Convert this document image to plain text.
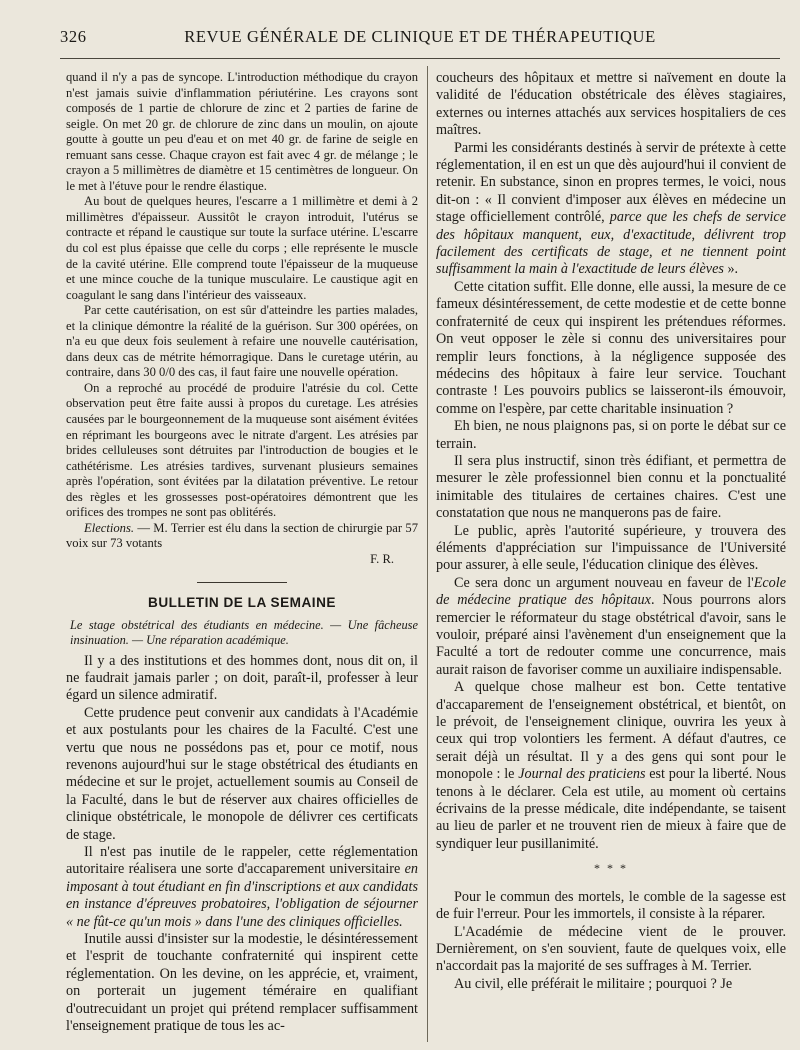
326	REVUE GÉNÉRALE DE CLINIQUE ET DE THÉRAPEUTIQUE

quand il n'y a pas de syncope. L'introduction méthodique du crayon n'est jamais suivie d'inflammation périutérine. Les crayons sont composés de 1 partie de chlorure de zinc et 2 parties de farine de seigle. On met 20 gr. de chlorure de zinc dans un moulin, on ajoute goutte à goutte un peu d'eau et on met 40 gr. de farine de seigle en remuant sans cesse. Chaque crayon est fait avec 4 gr. de mélange ; le crayon a 5 millimètres de diamètre et 15 centimètres de longueur. On le met à l'étuve pour le rendre élastique.

Au bout de quelques heures, l'escarre a 1 millimètre et demi à 2 millimètres d'épaisseur. Aussitôt le crayon introduit, l'utérus se contracte et répand le caustique sur toute la surface utérine. L'escarre du col est plus épaisse que celle du corps ; elle représente le muscle de la cavité utérine. Elle comprend toute l'épaisseur de la muqueuse et une mince couche de la tunique musculaire. Le caustique agit en coagulant le sang dans l'intérieur des vaisseaux.

Par cette cautérisation, on est sûr d'atteindre les parties malades, et la clinique démontre la réalité de la guérison. Sur 300 opérées, on n'a eu que deux fois seulement à refaire une nouvelle cautérisation, dans deux cas de métrite hémorragique. Dans le curetage utérin, au contraire, dans 30 0/0 des cas, il faut faire une nouvelle opération.

On a reproché au procédé de produire l'atrésie du col. Cette observation peut être faite aussi à propos du curetage. Les atrésies causées par le bourgeonnement de la muqueuse sont aisément évitées en réprimant les bourgeons avec le nitrate d'argent. Les atrésies par brides celluleuses sont détruites par l'introduction de bougies et le cathétérisme. Les atrésies tardives, survenant plusieurs semaines après l'opération, sont évitées par la dilatation préventive. Le retour des règles et les grossesses post-opératoires démontrent que les orifices des trompes ne sont pas oblitérés.

Elections. — M. Terrier est élu dans la section de chirurgie par 57 voix sur 73 votants

F. R.

BULLETIN DE LA SEMAINE
Le stage obstétrical des étudiants en médecine. — Une fâcheuse insinuation. — Une réparation académique.

Il y a des institutions et des hommes dont, nous dit on, il ne faudrait jamais parler ; on doit, paraît-il, professer à leur égard un silence admiratif.

Cette prudence peut convenir aux candidats à l'Académie et aux postulants pour les chaires de la Faculté. C'est une vertu que nous ne possédons pas et, pour ce motif, nous revenons aujourd'hui sur le stage obstétrical des étudiants en médecine et sur le projet, actuellement soumis au Conseil de la Faculté, dans le but de réserver aux chaires officielles de clinique obstétricale, le monopole de délivrer ces certificats de stage.

Il n'est pas inutile de le rappeler, cette réglementation autoritaire réalisera une sorte d'accaparement universitaire en imposant à tout étudiant en fin d'inscriptions et aux candidats en instance d'épreuves probatoires, l'obligation de séjourner « ne fût-ce qu'un mois » dans l'une des cliniques officielles.

Inutile aussi d'insister sur la modestie, le désintéressement et l'esprit de touchante confraternité qui inspirent cette réglementation. On les devine, on les apprécie, et, vraiment, on porterait un jugement téméraire en qualifiant d'outrecuidant un projet qui prétend remplacer suffisamment l'enseignement pratique de tous les ac-

coucheurs des hôpitaux et mettre si naïvement en doute la validité de l'éducation obstétricale des élèves stagiaires, externes ou internes attachés aux services hospitaliers de ces maîtres.

Parmi les considérants destinés à servir de prétexte à cette réglementation, il en est un que dès aujourd'hui il convient de retenir. En substance, sinon en propres termes, le voici, nous dit-on : « Il convient d'imposer aux élèves en médecine un stage officiellement contrôlé, parce que les chefs de service des hôpitaux manquent, eux, d'exactitude, délivrent trop facilement des certificats de stage, et ne tiennent point suffisamment la main à l'exactitude de leurs élèves ».

Cette citation suffit. Elle donne, elle aussi, la mesure de ce fameux désintéressement, de cette modestie et de cette bonne confraternité de ceux qui inspirent les prétendues réformes. On veut opposer le zèle si connu des universitaires pour remplir leurs fonctions, à la négligence supposée des médecins des hôpitaux à faire leur service. Touchant contraste ! Les pouvoirs publics se laisseront-ils émouvoir, comme on l'espère, par cette charitable insinuation ?

Eh bien, ne nous plaignons pas, si on porte le débat sur ce terrain.

Il sera plus instructif, sinon très édifiant, et permettra de mesurer le zèle professionnel bien connu et la ponctualité inimitable des titulaires de certaines chaires. C'est une constatation que nous ne manquerons pas de faire.

Le public, après l'autorité supérieure, y trouvera des éléments d'appréciation sur l'impuissance de l'Université pour assurer, à elle seule, l'éducation clinique des élèves.

Ce sera donc un argument nouveau en faveur de l'Ecole de médecine pratique des hôpitaux. Nous pourrons alors remercier le réformateur du stage obstétrical d'avoir, sans le vouloir, préparé ainsi l'avènement d'un enseignement que la Faculté a tort de redouter comme une concurrence, mais aurait raison de favoriser comme un auxiliaire indispensable.

A quelque chose malheur est bon. Cette tentative d'accaparement de l'enseignement obstétrical, et bientôt, on le prévoit, de l'enseignement clinique, ouvrira les yeux à ceux qui trop volontiers les ferment. A défaut d'autres, ce serait déjà un résultat. Il y a des gens qui sont pour le monopole : le Journal des praticiens est pour la liberté. Nous tenons à le déclarer. Cela est utile, au moment où certains écrivains de la presse médicale, dite indépendante, se taisent au lieu de parler et ne trouvent rien de mieux à faire que de syndiquer leur pusillanimité.

* * *

Pour le commun des mortels, le comble de la sagesse est de fuir l'erreur. Pour les immortels, il consiste à la réparer.

L'Académie de médecine vient de le prouver. Dernièrement, on s'en souvient, faute de quelques voix, elle n'accordait pas la majorité de ses suffrages à M. Terrier.

Au civil, elle préférait le militaire ; pourquoi ? Je
